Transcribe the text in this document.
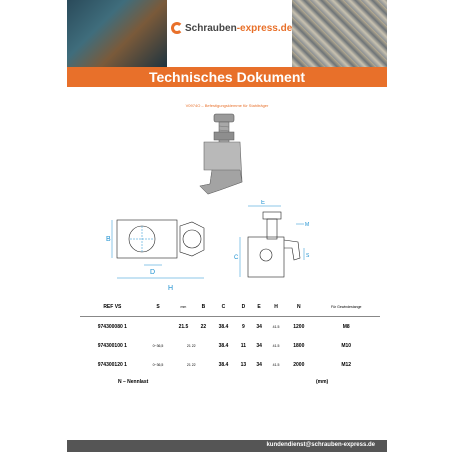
Schrauben-express.de
Technisches Dokument
V0974O – Befestigungsklemme für Stahlträger
B
D
H
E
M
C	S
REF VS	S	mm	B	C	D	E	H	N	Für Gewindestange
974300080 1		21.5	22	38.4	9	34	41.5	1200	M8
974300100 1	0~36,5	21 22		38.4	11	34	41.5	1800	M10
974300120 1	0~36,5	21 22		38.4	13	34	41.5	2000	M12
N – Nennlast	(mm)
kundendienst@schrauben-express.de
